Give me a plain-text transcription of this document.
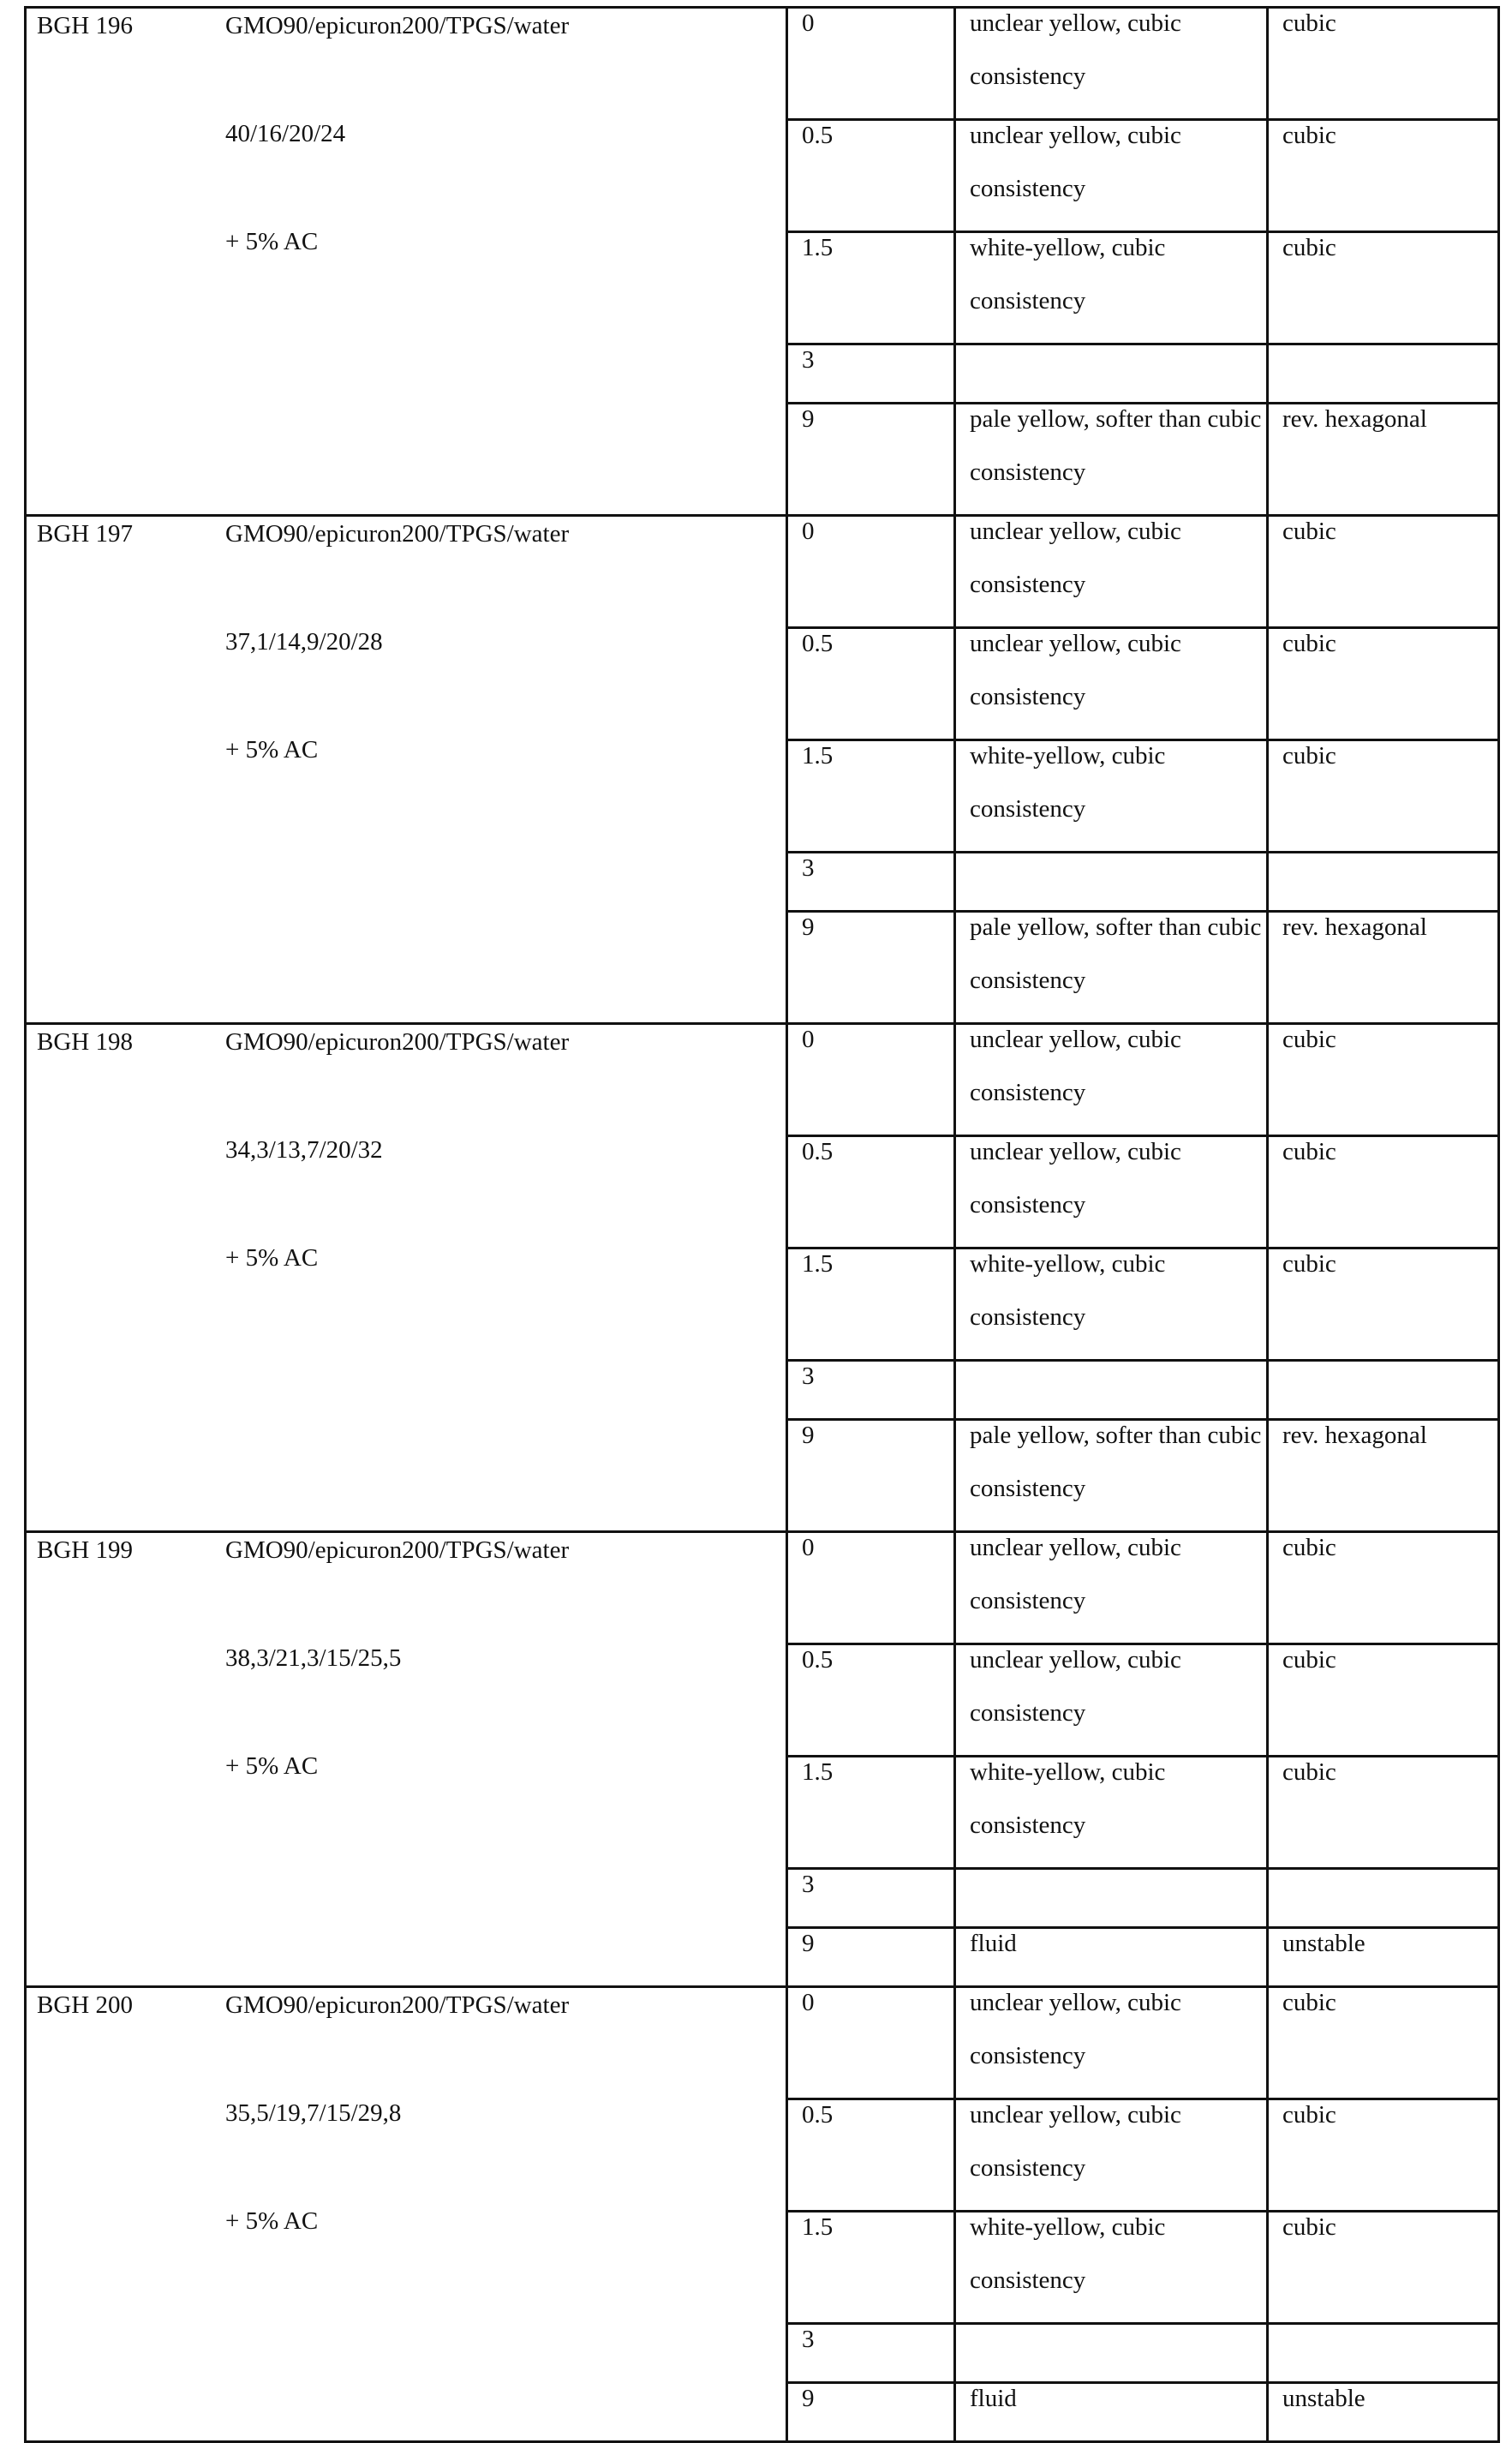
BGH 196	GMO90/epicuron200/TPGS/water
40/16/20/24
+ 5% AC
0	unclear yellow, cubic consistency
cubic
0.5	unclear yellow, cubic consistency
cubic
1.5	white-yellow, cubic consistency
cubic
3
9	pale yellow, softer than cubic consistency
rev. hexagonal
BGH 197	GMO90/epicuron200/TPGS/water
37,1/14,9/20/28
+ 5% AC
0	unclear yellow, cubic consistency
cubic
0.5	unclear yellow, cubic consistency
cubic
1.5	white-yellow, cubic consistency
cubic
3
9	pale yellow, softer than cubic consistency
rev. hexagonal
BGH 198	GMO90/epicuron200/TPGS/water
34,3/13,7/20/32
+ 5% AC
0	unclear yellow, cubic consistency
cubic
0.5	unclear yellow, cubic consistency
cubic
1.5	white-yellow, cubic consistency
cubic
3
9	pale yellow, softer than cubic consistency
rev. hexagonal
BGH 199	GMO90/epicuron200/TPGS/water
38,3/21,3/15/25,5
+ 5% AC
0	unclear yellow, cubic consistency
cubic
0.5	unclear yellow, cubic consistency
cubic
1.5	white-yellow, cubic consistency
cubic
3
9	fluid	unstable
BGH 200	GMO90/epicuron200/TPGS/water
35,5/19,7/15/29,8
+ 5% AC
0	unclear yellow, cubic consistency
cubic
0.5	unclear yellow, cubic consistency
cubic
1.5	white-yellow, cubic consistency
cubic
3
9	fluid	unstable
